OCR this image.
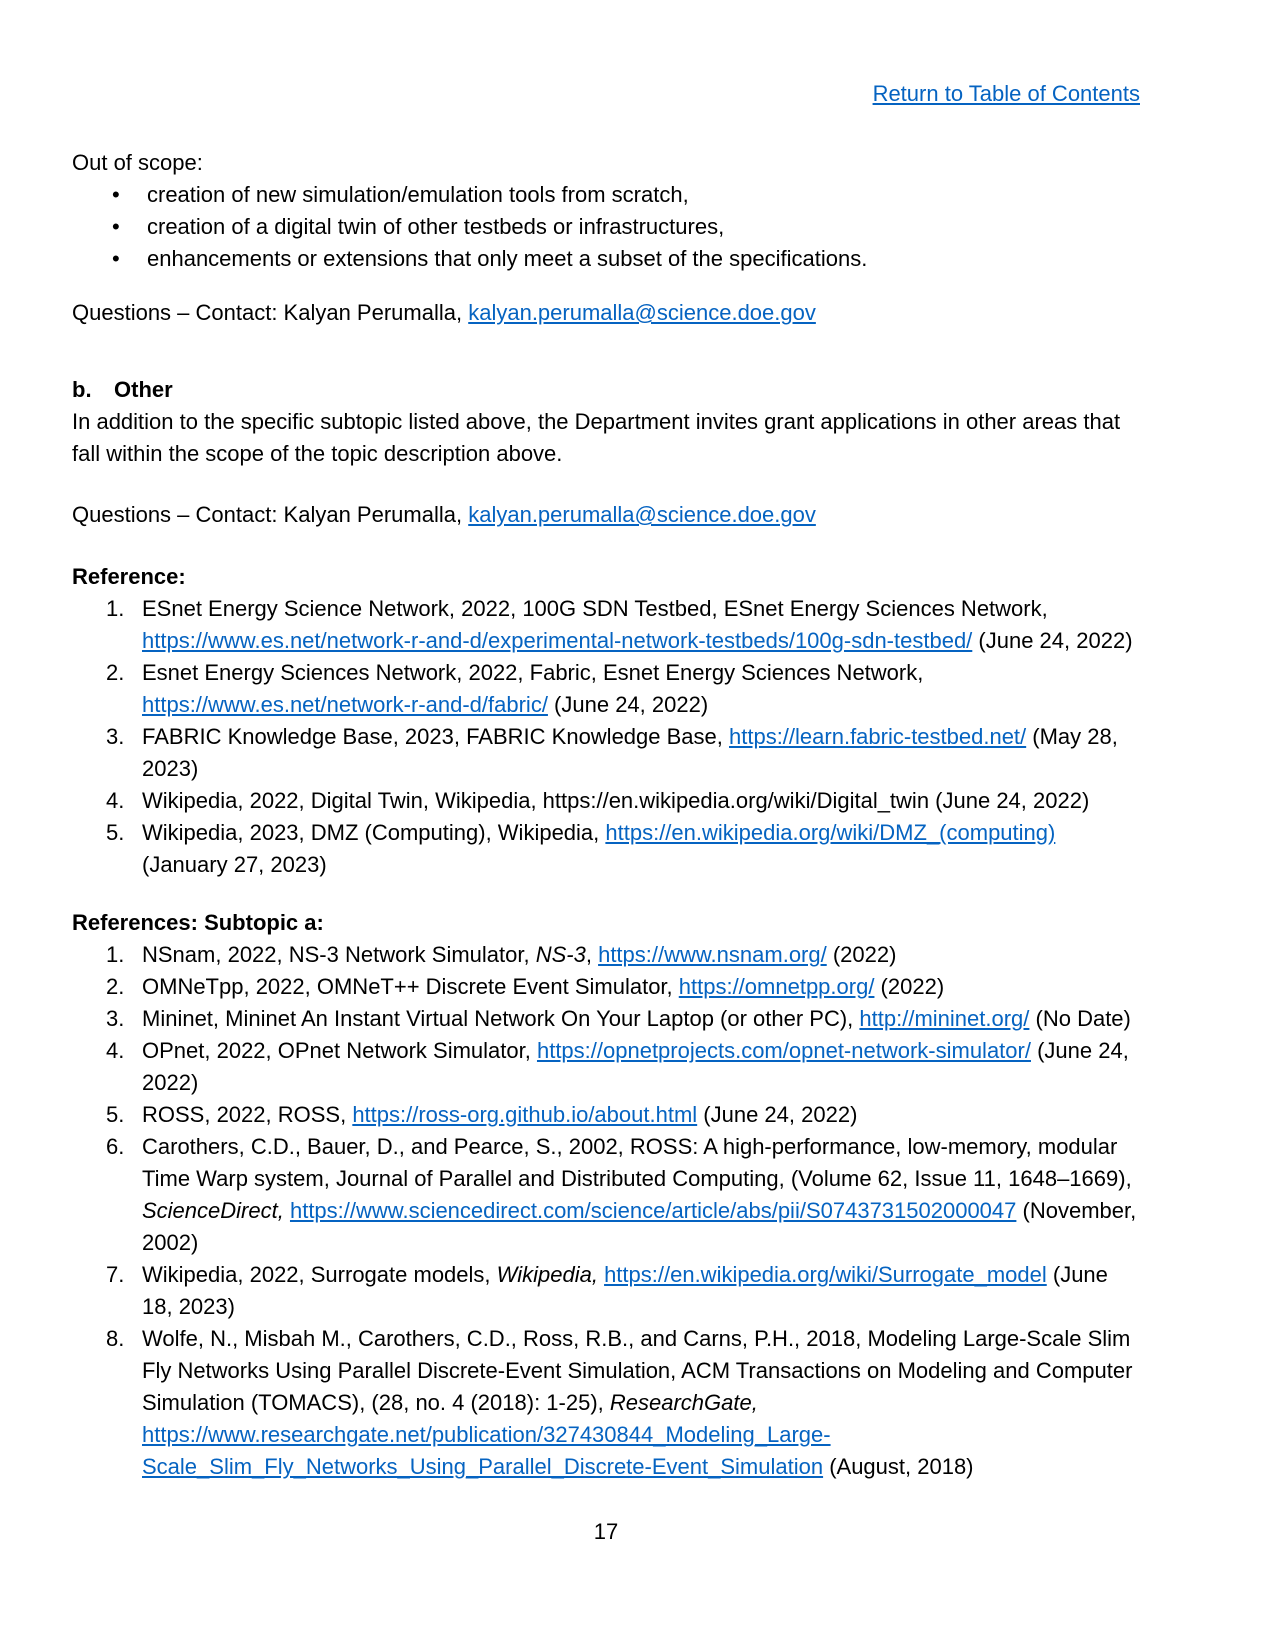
Return to Table of Contents
Out of scope:
• creation of new simulation/emulation tools from scratch,
• creation of a digital twin of other testbeds or infrastructures,
• enhancements or extensions that only meet a subset of the specifications.
Questions – Contact: Kalyan Perumalla, kalyan.perumalla@science.doe.gov
b. Other
In addition to the specific subtopic listed above, the Department invites grant applications in other areas that fall within the scope of the topic description above.
Questions – Contact: Kalyan Perumalla, kalyan.perumalla@science.doe.gov
Reference:
1. ESnet Energy Science Network, 2022, 100G SDN Testbed, ESnet Energy Sciences Network, https://www.es.net/network-r-and-d/experimental-network-testbeds/100g-sdn-testbed/ (June 24, 2022)
2. Esnet Energy Sciences Network, 2022, Fabric, Esnet Energy Sciences Network, https://www.es.net/network-r-and-d/fabric/ (June 24, 2022)
3. FABRIC Knowledge Base, 2023, FABRIC Knowledge Base, https://learn.fabric-testbed.net/ (May 28, 2023)
4. Wikipedia, 2022, Digital Twin, Wikipedia, https://en.wikipedia.org/wiki/Digital_twin (June 24, 2022)
5. Wikipedia, 2023, DMZ (Computing), Wikipedia, https://en.wikipedia.org/wiki/DMZ_(computing) (January 27, 2023)
References: Subtopic a:
1. NSnam, 2022, NS-3 Network Simulator, NS-3, https://www.nsnam.org/ (2022)
2. OMNeTpp, 2022, OMNeT++ Discrete Event Simulator, https://omnetpp.org/ (2022)
3. Mininet, Mininet An Instant Virtual Network On Your Laptop (or other PC), http://mininet.org/ (No Date)
4. OPnet, 2022, OPnet Network Simulator, https://opnetprojects.com/opnet-network-simulator/ (June 24, 2022)
5. ROSS, 2022, ROSS, https://ross-org.github.io/about.html (June 24, 2022)
6. Carothers, C.D., Bauer, D., and Pearce, S., 2002, ROSS: A high-performance, low-memory, modular Time Warp system, Journal of Parallel and Distributed Computing, (Volume 62, Issue 11, 1648–1669), ScienceDirect, https://www.sciencedirect.com/science/article/abs/pii/S0743731502000047 (November, 2002)
7. Wikipedia, 2022, Surrogate models, Wikipedia, https://en.wikipedia.org/wiki/Surrogate_model (June 18, 2023)
8. Wolfe, N., Misbah M., Carothers, C.D., Ross, R.B., and Carns, P.H., 2018, Modeling Large-Scale Slim Fly Networks Using Parallel Discrete-Event Simulation, ACM Transactions on Modeling and Computer Simulation (TOMACS), (28, no. 4 (2018): 1-25), ResearchGate, https://www.researchgate.net/publication/327430844_Modeling_Large-Scale_Slim_Fly_Networks_Using_Parallel_Discrete-Event_Simulation (August, 2018)
17
